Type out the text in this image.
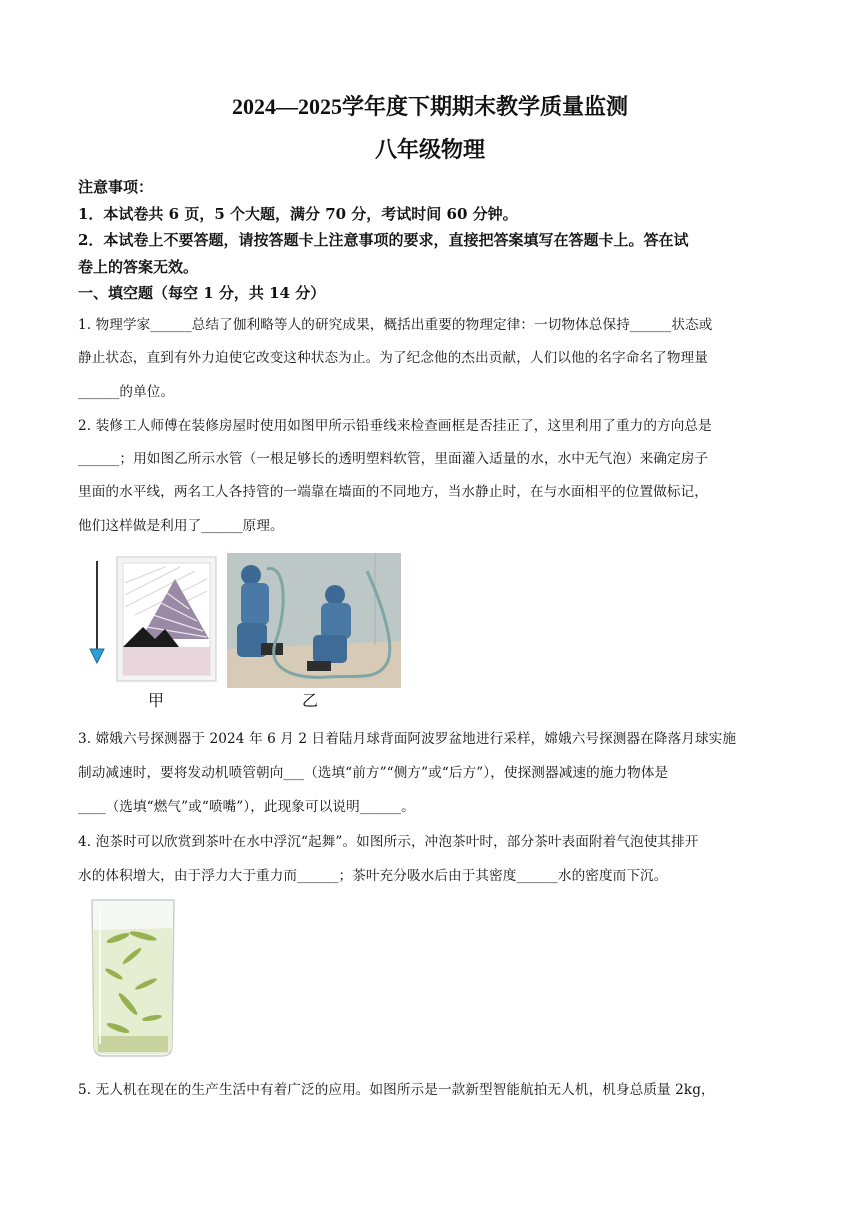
2024—2025学年度下期期末教学质量监测
八年级物理
注意事项：
1．本试卷共 6 页，5 个大题，满分 70 分，考试时间 60 分钟。
2．本试卷上不要答题，请按答题卡上注意事项的要求，直接把答案填写在答题卡上。答在试
卷上的答案无效。
一、填空题（每空 1 分，共 14 分）
1. 物理学家______总结了伽利略等人的研究成果，概括出重要的物理定律：一切物体总保持______状态或
静止状态，直到有外力迫使它改变这种状态为止。为了纪念他的杰出贡献，人们以他的名字命名了物理量
______的单位。
2. 装修工人师傅在装修房屋时使用如图甲所示铅垂线来检查画框是否挂正了，这里利用了重力的方向总是
______；用如图乙所示水管（一根足够长的透明塑料软管，里面灌入适量的水，水中无气泡）来确定房子
里面的水平线，两名工人各持管的一端靠在墙面的不同地方，当水静止时，在与水面相平的位置做标记，
他们这样做是利用了______原理。
甲	乙
3. 嫦娥六号探测器于 2024 年 6 月 2 日着陆月球背面阿波罗盆地进行采样，嫦娥六号探测器在降落月球实施
制动减速时，要将发动机喷管朝向___（选填“前方”“侧方”或“后方”），使探测器减速的施力物体是
____（选填“燃气”或“喷嘴”），此现象可以说明______。
4. 泡茶时可以欣赏到茶叶在水中浮沉“起舞”。如图所示，冲泡茶叶时，部分茶叶表面附着气泡使其排开
水的体积增大，由于浮力大于重力而______；茶叶充分吸水后由于其密度______水的密度而下沉。
5. 无人机在现在的生产生活中有着广泛的应用。如图所示是一款新型智能航拍无人机，机身总质量 2kg，
